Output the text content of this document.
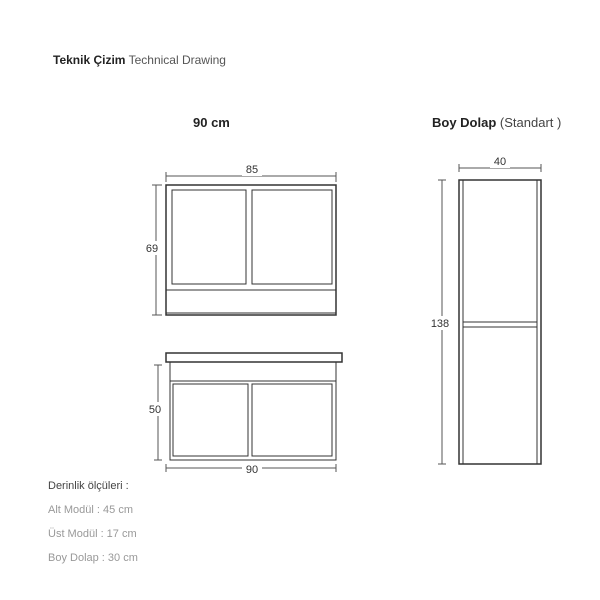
Teknik Çizim Technical Drawing
90 cm	Boy Dolap (Standart )
85
69
90
50
40
138
Derinlik ölçüleri :
Alt Modül : 45 cm
Üst Modül : 17 cm
Boy Dolap : 30 cm
